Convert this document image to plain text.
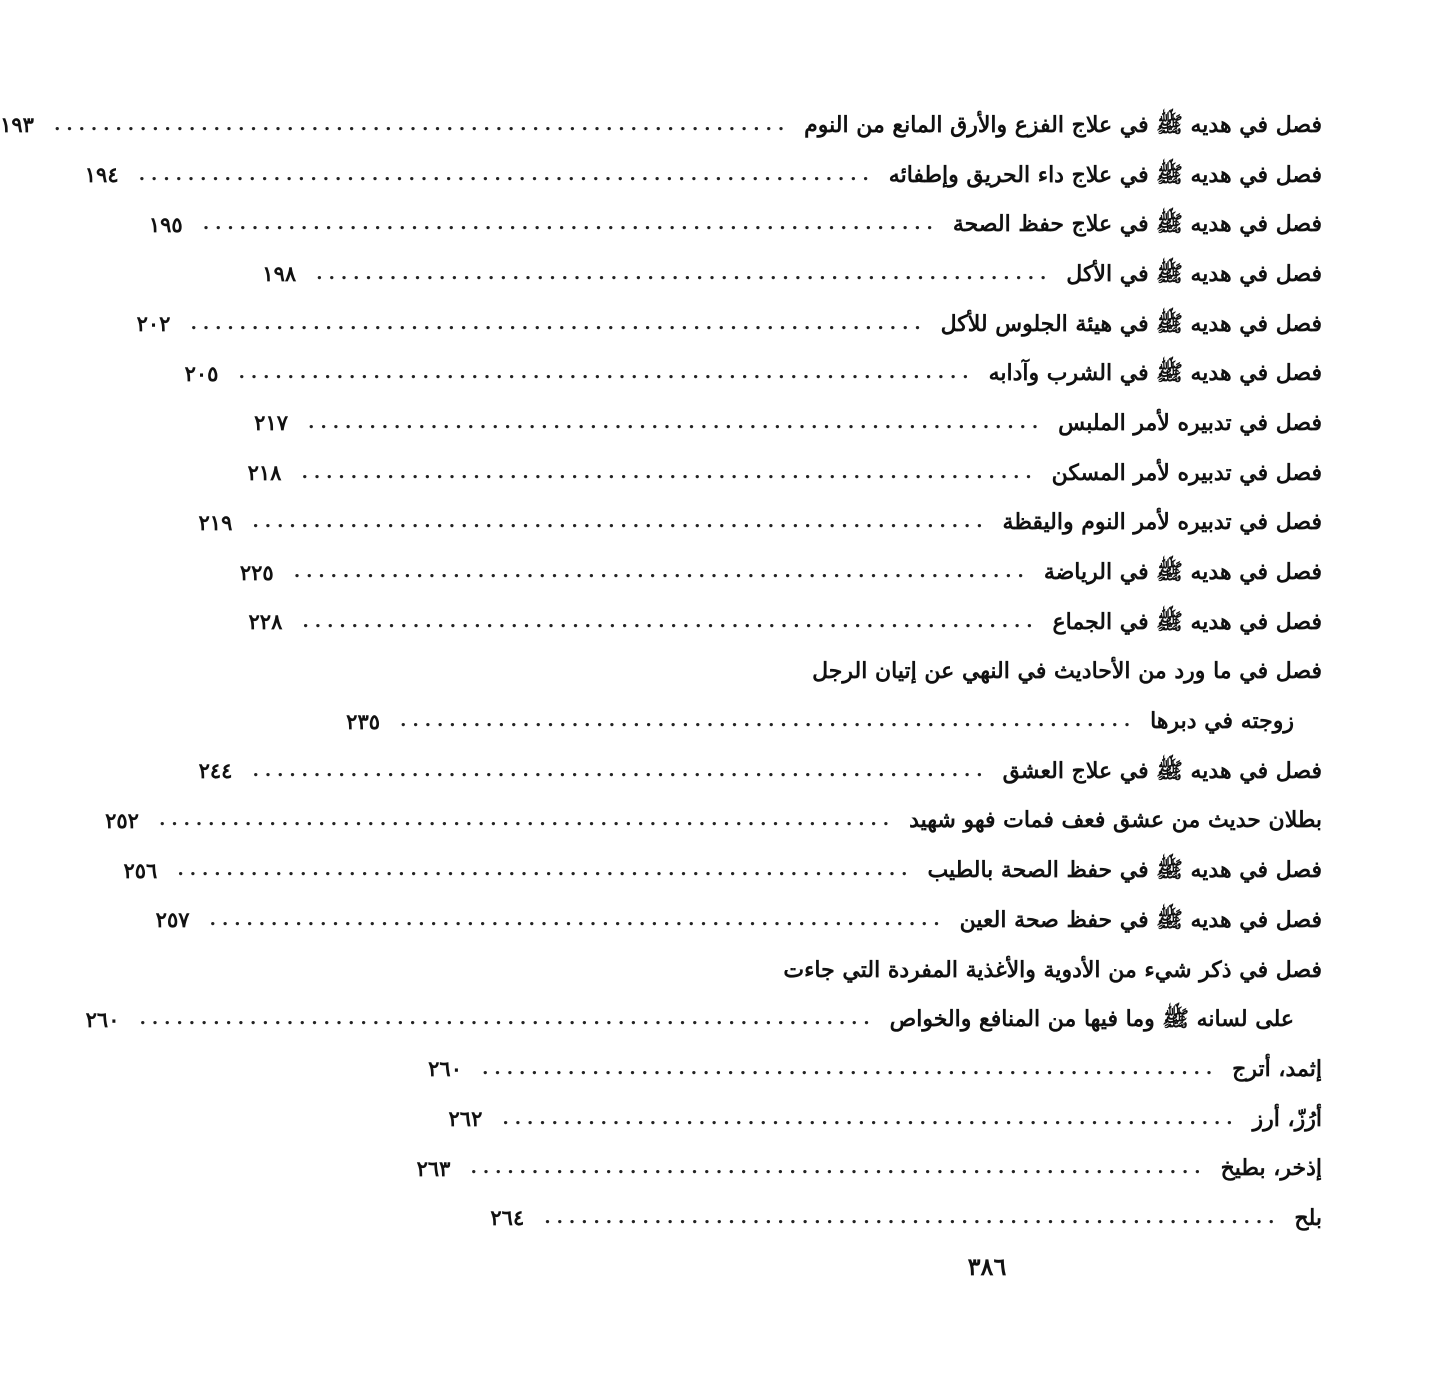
فصل في هديه ﷺ في علاج الفزع والأرق المانع من النوم
............................................................
١٩٣
فصل في هديه ﷺ في علاج داء الحريق وإطفائه
............................................................
١٩٤
فصل في هديه ﷺ في علاج حفظ الصحة
............................................................
١٩٥
فصل في هديه ﷺ في الأكل
............................................................
١٩٨
فصل في هديه ﷺ في هيئة الجلوس للأكل
............................................................
٢٠٢
فصل في هديه ﷺ في الشرب وآدابه
............................................................
٢٠٥
فصل في تدبيره لأمر الملبس
............................................................
٢١٧
فصل في تدبيره لأمر المسكن
............................................................
٢١٨
فصل في تدبيره لأمر النوم واليقظة
............................................................
٢١٩
فصل في هديه ﷺ في الرياضة
............................................................
٢٢٥
فصل في هديه ﷺ في الجماع
............................................................
٢٢٨
فصل في ما ورد من الأحاديث في النهي عن إتيان الرجل
زوجته في دبرها
............................................................
٢٣٥
فصل في هديه ﷺ في علاج العشق
............................................................
٢٤٤
بطلان حديث من عشق فعف فمات فهو شهيد
............................................................
٢٥٢
فصل في هديه ﷺ في حفظ الصحة بالطيب
............................................................
٢٥٦
فصل في هديه ﷺ في حفظ صحة العين
............................................................
٢٥٧
فصل في ذكر شيء من الأدوية والأغذية المفردة التي جاءت
على لسانه ﷺ وما فيها من المنافع والخواص
............................................................
٢٦٠
إثمد، أترج
............................................................
٢٦٠
أرُزّ، أرز
............................................................
٢٦٢
إذخر، بطيخ
............................................................
٢٦٣
بلح
............................................................
٢٦٤
٣٨٦
